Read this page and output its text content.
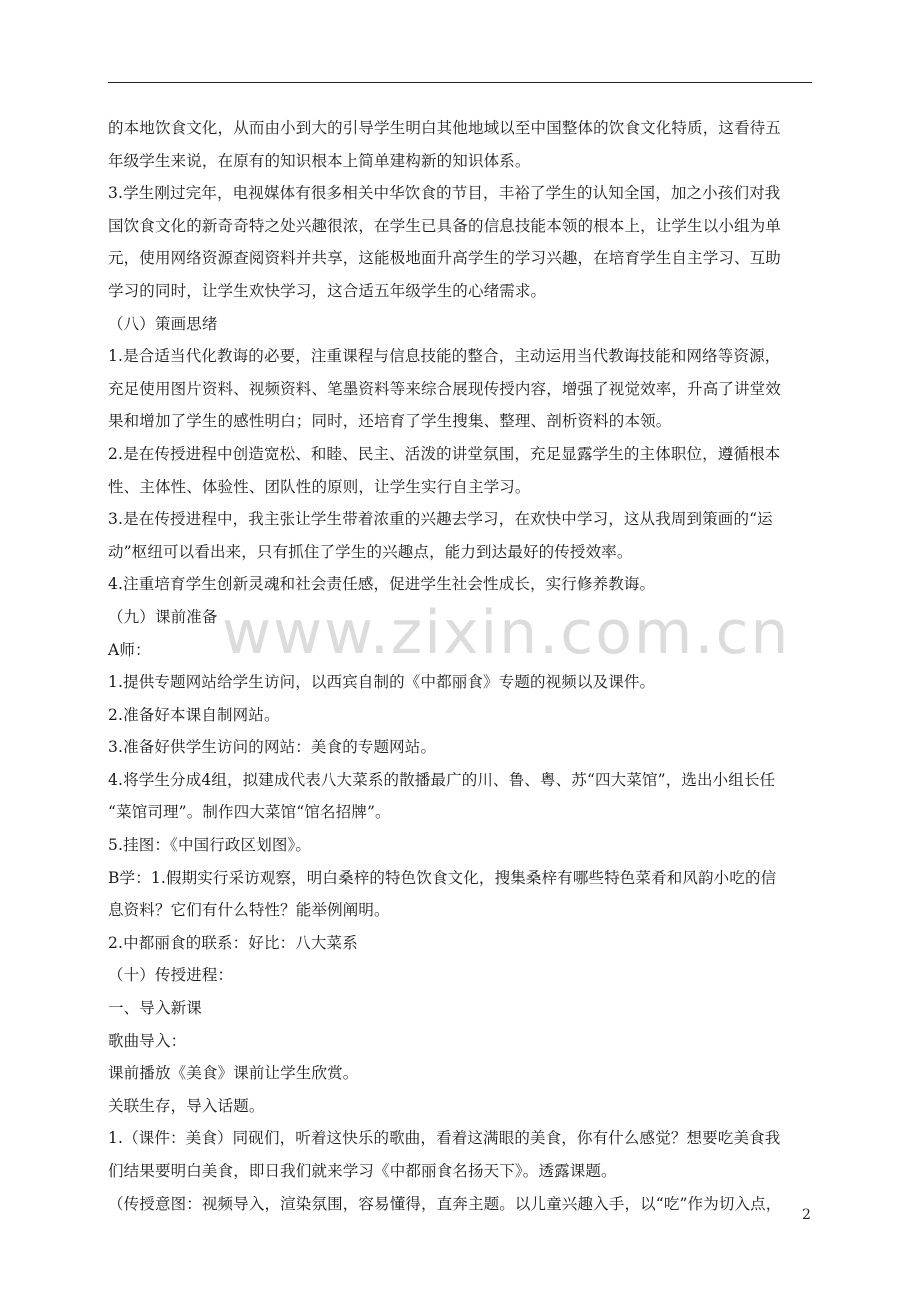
的本地饮食文化，从而由小到大的引导学生明白其他地域以至中国整体的饮食文化特质，这看待五
年级学生来说，在原有的知识根本上简单建构新的知识体系。
3.学生刚过完年，电视媒体有很多相关中华饮食的节目，丰裕了学生的认知全国，加之小孩们对我
国饮食文化的新奇奇特之处兴趣很浓，在学生已具备的信息技能本领的根本上，让学生以小组为单
元，使用网络资源查阅资料并共享，这能极地面升高学生的学习兴趣，在培育学生自主学习、互助
学习的同时，让学生欢快学习，这合适五年级学生的心绪需求。
（八）策画思绪
1.是合适当代化教诲的必要，注重课程与信息技能的整合，主动运用当代教诲技能和网络等资源，
充足使用图片资料、视频资料、笔墨资料等来综合展现传授内容，增强了视觉效率，升高了讲堂效
果和增加了学生的感性明白；同时，还培育了学生搜集、整理、剖析资料的本领。
2.是在传授进程中创造宽松、和睦、民主、活泼的讲堂氛围，充足显露学生的主体职位，遵循根本
性、主体性、体验性、团队性的原则，让学生实行自主学习。
3.是在传授进程中，我主张让学生带着浓重的兴趣去学习，在欢快中学习，这从我周到策画的“运
动”枢纽可以看出来，只有抓住了学生的兴趣点，能力到达最好的传授效率。
4.注重培育学生创新灵魂和社会责任感，促进学生社会性成长，实行修养教诲。
（九）课前准备
A师：
1.提供专题网站给学生访问，以西宾自制的《中都丽食》专题的视频以及课件。
2.准备好本课自制网站。
3.准备好供学生访问的网站：美食的专题网站。
4.将学生分成4组，拟建成代表八大菜系的散播最广的川、鲁、粤、苏“四大菜馆”，选出小组长任
“菜馆司理”。制作四大菜馆“馆名招牌”。
5.挂图：《中国行政区划图》。
B学：1.假期实行采访观察，明白桑梓的特色饮食文化，搜集桑梓有哪些特色菜肴和风韵小吃的信
息资料？它们有什么特性？能举例阐明。
2.中都丽食的联系：好比：八大菜系
（十）传授进程：
一、导入新课
歌曲导入：
课前播放《美食》课前让学生欣赏。
关联生存，导入话题。
1.（课件：美食）同砚们，听着这快乐的歌曲，看着这满眼的美食，你有什么感觉？想要吃美食我
们结果要明白美食，即日我们就来学习《中都丽食名扬天下》。透露课题。
（传授意图：视频导入，渲染氛围，容易懂得，直奔主题。以儿童兴趣入手，以“吃”作为切入点，
www.zixin.com.cn
2
